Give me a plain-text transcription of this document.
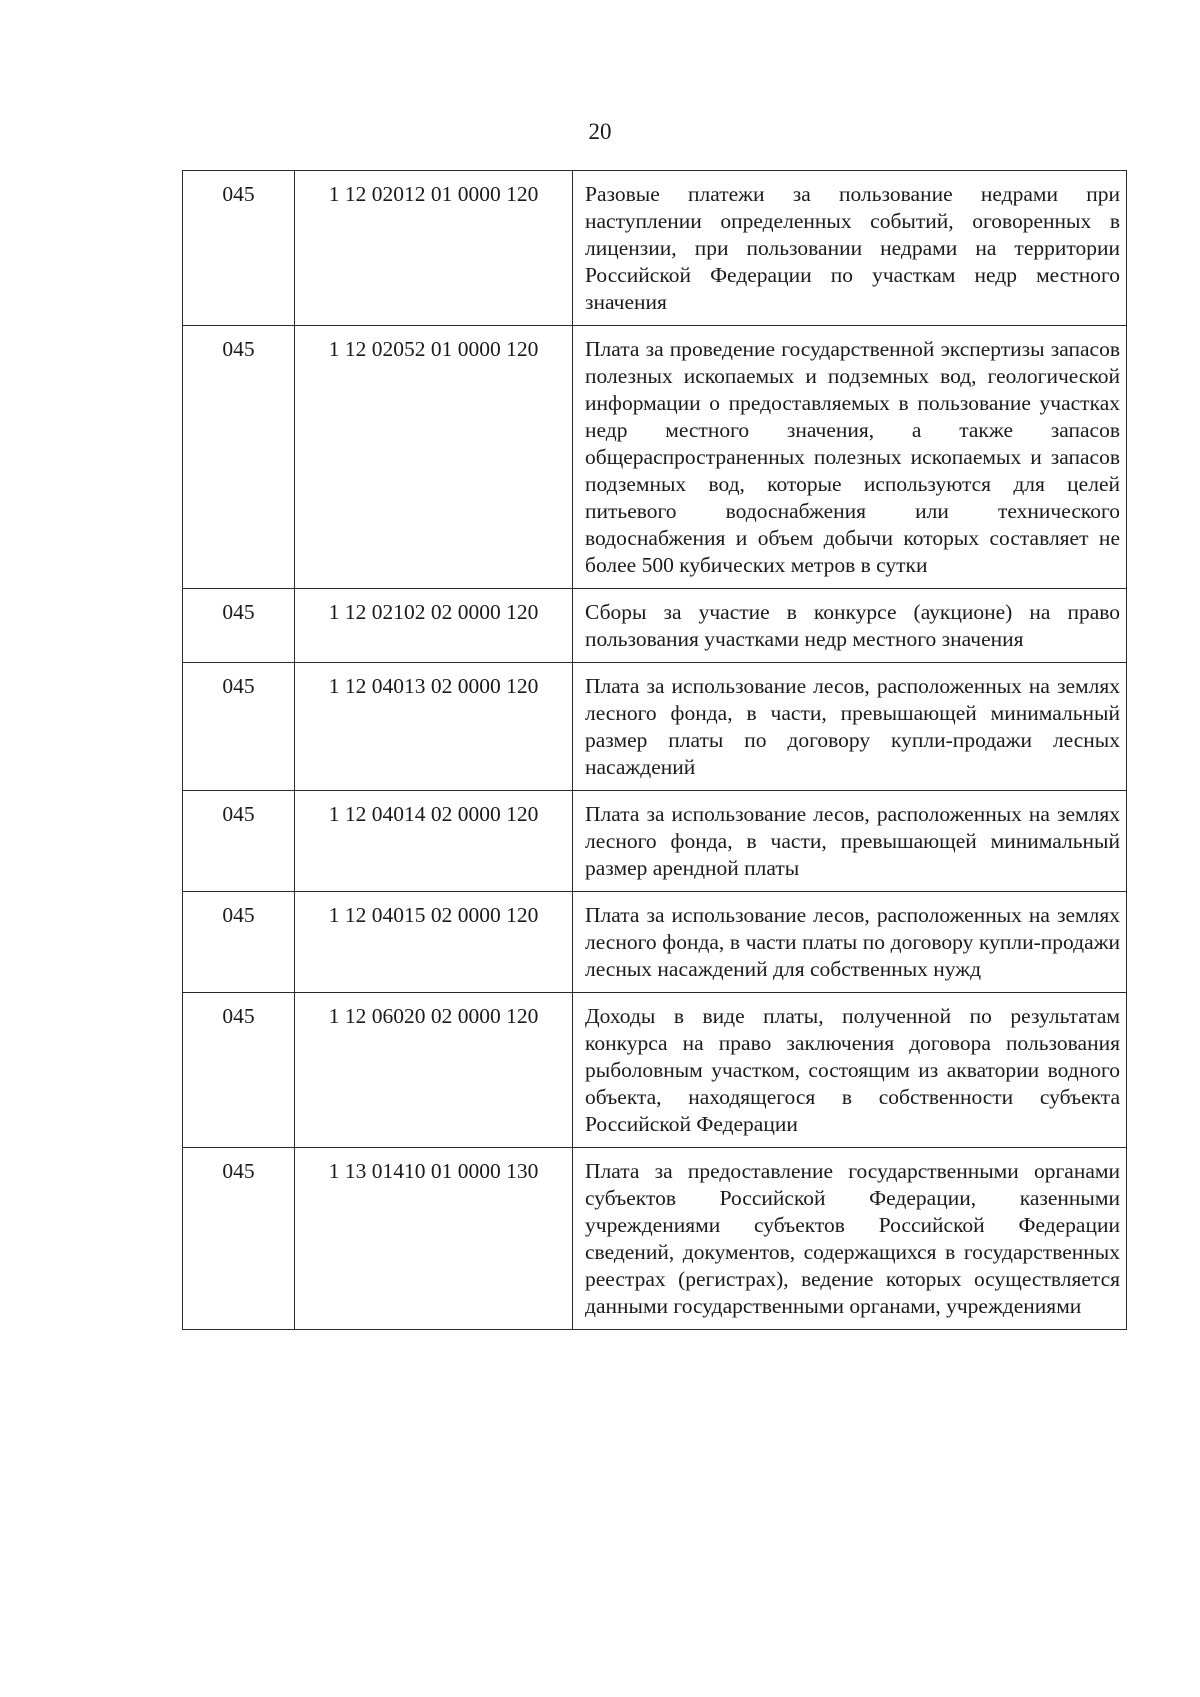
20
045	1 12 02012 01 0000 120	Разовые платежи за пользование недрами при наступлении определенных событий, оговоренных в лицензии, при пользовании недрами на территории Российской Федерации по участкам недр местного значения
045	1 12 02052 01 0000 120	Плата за проведение государственной экспертизы запасов полезных ископаемых и подземных вод, геологической информации о предоставляемых в пользование участках недр местного значения, а также запасов общераспространенных полезных ископаемых и запасов подземных вод, которые используются для целей питьевого водоснабжения или технического водоснабжения и объем добычи которых составляет не более 500 кубических метров в сутки
045	1 12 02102 02 0000 120	Сборы за участие в конкурсе (аукционе) на право пользования участками недр местного значения
045	1 12 04013 02 0000 120	Плата за использование лесов, расположенных на землях лесного фонда, в части, превышающей минимальный размер платы по договору купли-продажи лесных насаждений
045	1 12 04014 02 0000 120	Плата за использование лесов, расположенных на землях лесного фонда, в части, превышающей минимальный размер арендной платы
045	1 12 04015 02 0000 120	Плата за использование лесов, расположенных на землях лесного фонда, в части платы по договору купли-продажи лесных насаждений для собственных нужд
045	1 12 06020 02 0000 120	Доходы в виде платы, полученной по результатам конкурса на право заключения договора пользования рыболовным участком, состоящим из акватории водного объекта, находящегося в собственности субъекта Российской Федерации
045	1 13 01410 01 0000 130	Плата за предоставление государственными органами субъектов Российской Федерации, казенными учреждениями субъектов Российской Федерации сведений, документов, содержащихся в государственных реестрах (регистрах), ведение которых осуществляется данными государственными органами, учреждениями
